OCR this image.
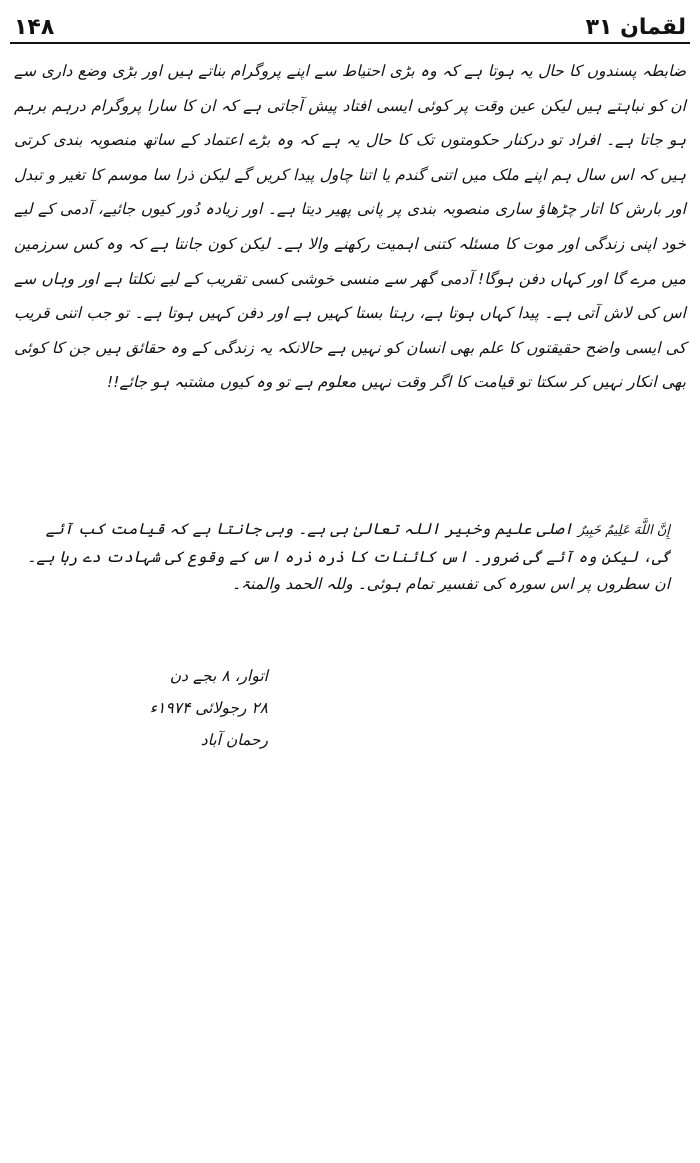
۱۴۸	لقمان ۳۱

ضابطہ پسندوں کا حال یہ ہوتا ہے کہ وہ بڑی احتیاط سے اپنے پروگرام بناتے ہیں اور بڑی وضع داری سے ان کو نباہتے ہیں لیکن عین وقت پر کوئی ایسی افتاد پیش آجاتی ہے کہ ان کا سارا پروگرام درہم برہم ہو جاتا ہے۔ افراد تو درکنار حکومتوں تک کا حال یہ ہے کہ وہ بڑے اعتماد کے ساتھ منصوبہ بندی کرتی ہیں کہ اس سال ہم اپنے ملک میں اتنی گندم یا اتنا چاول پیدا کریں گے لیکن ذرا سا موسم کا تغیر و تبدل اور بارش کا اتار چڑھاؤ ساری منصوبہ بندی پر پانی پھیر دیتا ہے۔ اور زیادہ دُور کیوں جائیے، آدمی کے لیے خود اپنی زندگی اور موت کا مسئلہ کتنی اہمیت رکھنے والا ہے۔ لیکن کون جانتا ہے کہ وہ کس سرزمین میں مرے گا اور کہاں دفن ہوگا! آدمی گھر سے منسی خوشی کسی تقریب کے لیے نکلتا ہے اور وہاں سے اس کی لاش آتی ہے۔ پیدا کہاں ہوتا ہے، رہتا بستا کہیں ہے اور دفن کہیں ہوتا ہے۔ تو جب اتنی قریب کی ایسی واضح حقیقتوں کا علم بھی انسان کو نہیں ہے حالانکہ یہ زندگی کے وہ حقائق ہیں جن کا کوئی بھی انکار نہیں کر سکتا تو قیامت کا اگر وقت نہیں معلوم ہے تو وہ کیوں مشتبہ ہو جائے!!

إِنَّ اللَّهَ عَلِيمٌ خَبِيرٌ اصلی علیم وخبیر اللہ تعالیٰ ہی ہے۔ وہی جانتا ہے کہ قیامت کب آئے گی، لیکن وہ آئے گی ضرور۔ اس کائنات کا ذرہ ذرہ اس کے وقوع کی شہادت دے رہا ہے۔

ان سطروں پر اس سورہ کی تفسیر تمام ہوئی۔ وللہ الحمد والمنۃ۔

اتوار، ۸ بجے دن
۲۸ رجولائی ۱۹۷۴ء
رحمان آباد
